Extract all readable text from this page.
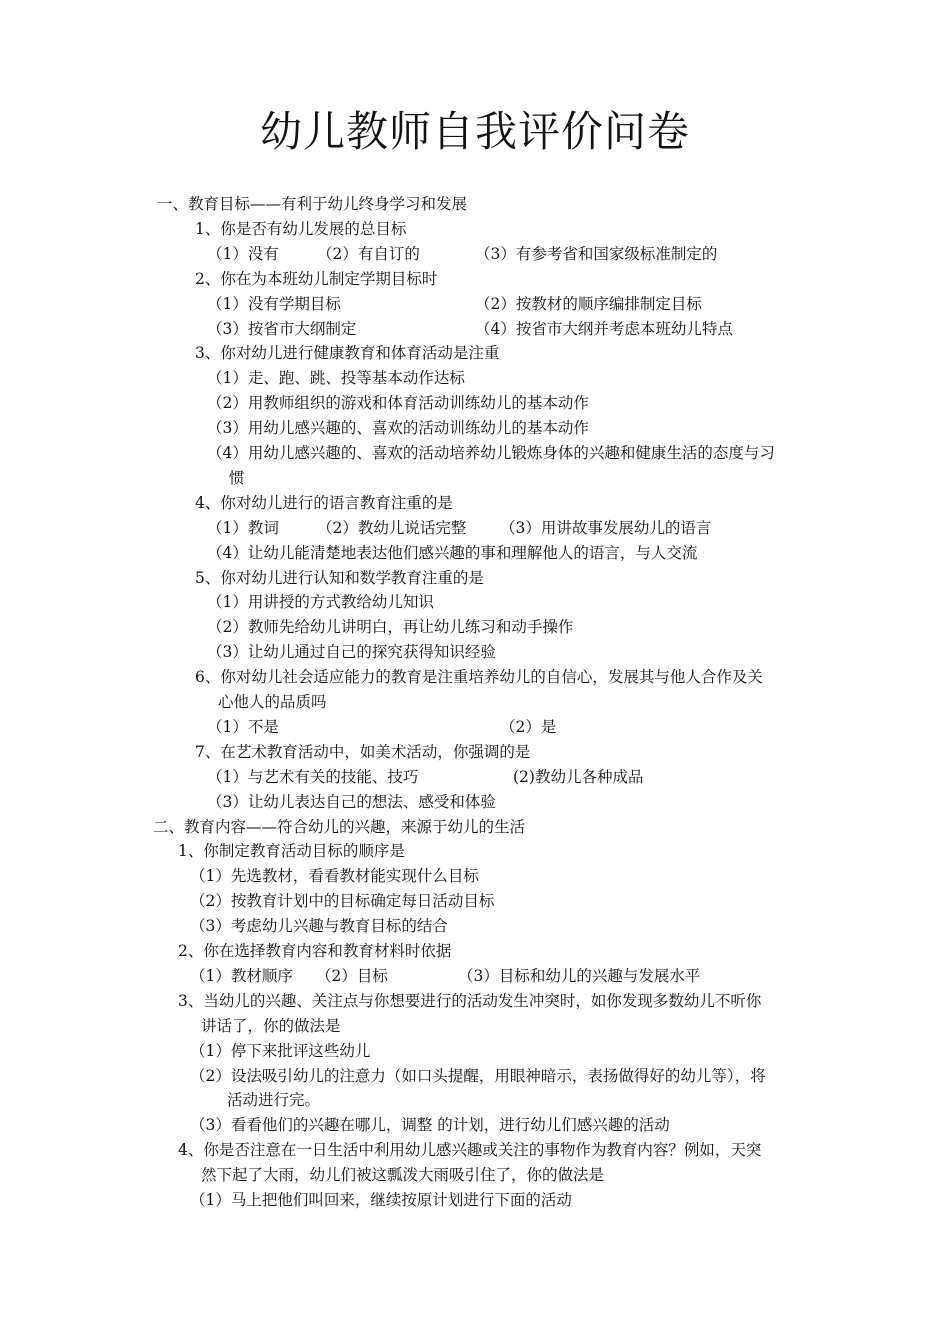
幼儿教师自我评价问卷
一、教育目标——有利于幼儿终身学习和发展
1、你是否有幼儿发展的总目标
（1）没有 （2）有自订的	（3）有参考省和国家级标准制定的
2、你在为本班幼儿制定学期目标时
（1）没有学期目标	（2）按教材的顺序编排制定目标
（3）按省市大纲制定	（4）按省市大纲并考虑本班幼儿特点
3、你对幼儿进行健康教育和体育活动是注重
（1）走、跑、跳、投等基本动作达标
（2）用教师组织的游戏和体育活动训练幼儿的基本动作
（3）用幼儿感兴趣的、喜欢的活动训练幼儿的基本动作
（4）用幼儿感兴趣的、喜欢的活动培养幼儿锻炼身体的兴趣和健康生活的态度与习
惯
4、你对幼儿进行的语言教育注重的是
（1）教词 （2）教幼儿说话完整 （3）用讲故事发展幼儿的语言
（4）让幼儿能清楚地表达他们感兴趣的事和理解他人的语言，与人交流
5、你对幼儿进行认知和数学教育注重的是
（1）用讲授的方式教给幼儿知识
（2）教师先给幼儿讲明白，再让幼儿练习和动手操作
（3）让幼儿通过自己的探究获得知识经验
6、你对幼儿社会适应能力的教育是注重培养幼儿的自信心，发展其与他人合作及关
心他人的品质吗
（1）不是	（2）是
7、在艺术教育活动中，如美术活动，你强调的是
（1）与艺术有关的技能、技巧	(2)教幼儿各种成品
（3）让幼儿表达自己的想法、感受和体验
二、教育内容——符合幼儿的兴趣，来源于幼儿的生活
1、你制定教育活动目标的顺序是
（1）先选教材，看看教材能实现什么目标
（2）按教育计划中的目标确定每日活动目标
（3）考虑幼儿兴趣与教育目标的结合
2、你在选择教育内容和教育材料时依据
（1）教材顺序 （2）目标	（3）目标和幼儿的兴趣与发展水平
3、当幼儿的兴趣、关注点与你想要进行的活动发生冲突时，如你发现多数幼儿不听你
讲话了，你的做法是
（1）停下来批评这些幼儿
（2）设法吸引幼儿的注意力（如口头提醒，用眼神暗示，表扬做得好的幼儿等），将
活动进行完。
（3）看看他们的兴趣在哪儿，调整 的计划，进行幼儿们感兴趣的活动
4、你是否注意在一日生活中利用幼儿感兴趣或关注的事物作为教育内容？例如，天突
然下起了大雨，幼儿们被这瓢泼大雨吸引住了，你的做法是
（1）马上把他们叫回来，继续按原计划进行下面的活动
